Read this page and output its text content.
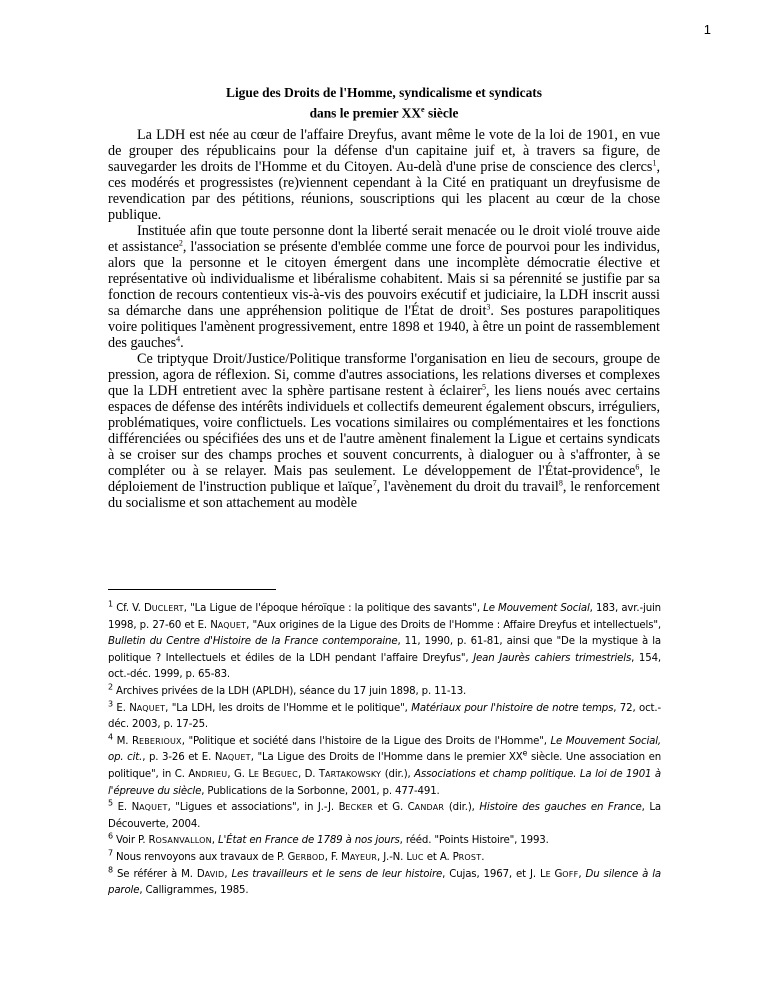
1
Ligue des Droits de l'Homme, syndicalisme et syndicats
dans le premier XXe siècle

La LDH est née au cœur de l'affaire Dreyfus, avant même le vote de la loi de 1901, en vue de grouper des républicains pour la défense d'un capitaine juif et, à travers sa figure, de sauvegarder les droits de l'Homme et du Citoyen. Au-delà d'une prise de conscience des clercs$^1$, ces modérés et progressistes (re)viennent cependant à la Cité en pratiquant un dreyfusisme de revendication par des pétitions, réunions, souscriptions qui les placent au cœur de la chose publique.

Instituée afin que toute personne dont la liberté serait menacée ou le droit violé trouve aide et assistance$^2$, l'association se présente d'emblée comme une force de pourvoi pour les individus, alors que la personne et le citoyen émergent dans une incomplète démocratie élective et représentative où individualisme et libéralisme cohabitent. Mais si sa pérennité se justifie par sa fonction de recours contentieux vis-à-vis des pouvoirs exécutif et judiciaire, la LDH inscrit aussi sa démarche dans une appréhension politique de l'État de droit$^3$. Ses postures parapolitiques voire politiques l'amènent progressivement, entre 1898 et 1940, à être un point de rassemblement des gauches$^4$.

Ce triptyque Droit/Justice/Politique transforme l'organisation en lieu de secours, groupe de pression, agora de réflexion. Si, comme d'autres associations, les relations diverses et complexes que la LDH entretient avec la sphère partisane restent à éclairer$^5$, les liens noués avec certains espaces de défense des intérêts individuels et collectifs demeurent également obscurs, irréguliers, problématiques, voire conflictuels. Les vocations similaires ou complémentaires et les fonctions différenciées ou spécifiées des uns et de l'autre amènent finalement la Ligue et certains syndicats à se croiser sur des champs proches et souvent concurrents, à dialoguer ou à s'affronter, à se compléter ou à se relayer. Mais pas seulement. Le développement de l'État-providence$^6$, le déploiement de l'instruction publique et laïque$^7$, l'avènement du droit du travail$^8$, le renforcement du socialisme et son attachement au modèle

$^1$ Cf. V. DUCLERT, "La Ligue de l'époque héroïque : la politique des savants", Le Mouvement Social, 183, avr.-juin 1998, p. 27-60 et E. NAQUET, "Aux origines de la Ligue des Droits de l'Homme : Affaire Dreyfus et intellectuels", Bulletin du Centre d'Histoire de la France contemporaine, 11, 1990, p. 61-81, ainsi que "De la mystique à la politique ? Intellectuels et édiles de la LDH pendant l'affaire Dreyfus", Jean Jaurès cahiers trimestriels, 154, oct.-déc. 1999, p. 65-83.

$^2$ Archives privées de la LDH (APLDH), séance du 17 juin 1898, p. 11-13.

$^3$ E. NAQUET, "La LDH, les droits de l'Homme et le politique", Matériaux pour l'histoire de notre temps, 72, oct.-déc. 2003, p. 17-25.

$^4$ M. REBERIOUX, "Politique et société dans l'histoire de la Ligue des Droits de l'Homme", Le Mouvement Social, op. cit., p. 3-26 et E. NAQUET, "La Ligue des Droits de l'Homme dans le premier XXe siècle. Une association en politique", in C. ANDRIEU, G. LE BEGUEC, D. TARTAKOWSKY (dir.), Associations et champ politique. La loi de 1901 à l'épreuve du siècle, Publications de la Sorbonne, 2001, p. 477-491.

$^5$ E. NAQUET, "Ligues et associations", in J.-J. BECKER et G. CANDAR (dir.), Histoire des gauches en France, La Découverte, 2004.

$^6$ Voir P. ROSANVALLON, L'État en France de 1789 à nos jours, rééd. "Points Histoire", 1993.

$^7$ Nous renvoyons aux travaux de P. GERBOD, F. MAYEUR, J.-N. LUC et A. PROST.

$^8$ Se référer à M. DAVID, Les travailleurs et le sens de leur histoire, Cujas, 1967, et J. LE GOFF, Du silence à la parole, Calligrammes, 1985.
